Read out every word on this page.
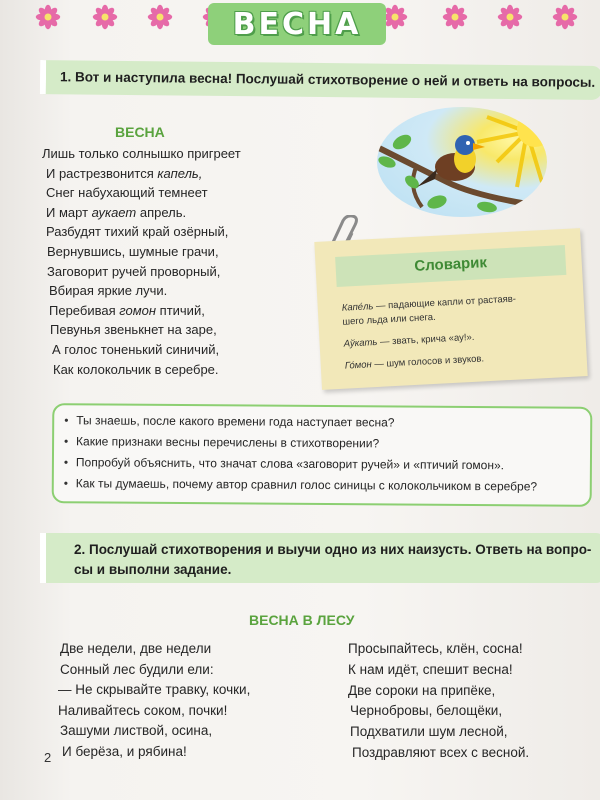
ВЕСНА
1. Вот и наступила весна! Послушай стихотворение о ней и ответь на вопросы.
ВЕСНА
Лишь только солнышко пригреет
И растрезвонится капель,
Снег набухающий темнеет
И март аукает апрель.
Разбудят тихий край озёрный,
Вернувшись, шумные грачи,
Заговорит ручей проворный,
Вбирая яркие лучи.
Перебивая гомон птичий,
Певунья звенькнет на заре,
А голос тоненький синичий,
Как колокольчик в серебре.
Словарик
Капе́ль — падающие капли от растаяв-
шего льда или снега.
Аўкать — звать, крича «ау!».
Го́мон — шум голосов и звуков.
• Ты знаешь, после какого времени года наступает весна?
• Какие признаки весны перечислены в стихотворении?
• Попробуй объяснить, что значат слова «заговорит ручей» и «птичий гомон».
• Как ты думаешь, почему автор сравнил голос синицы с колокольчиком в серебре?
2. Послушай стихотворения и выучи одно из них наизусть. Ответь на вопро-
сы и выполни задание.
ВЕСНА В ЛЕСУ
Две недели, две недели
Сонный лес будили ели:
— Не скрывайте травку, кочки,
Наливайтесь соком, почки!
Зашуми листвой, осина,
И берёза, и рябина!
Просыпайтесь, клён, сосна!
К нам идёт, спешит весна!
Две сороки на припёке,
Чернобровы, белощёки,
Подхватили шум лесной,
Поздравляют всех с весной.
2
